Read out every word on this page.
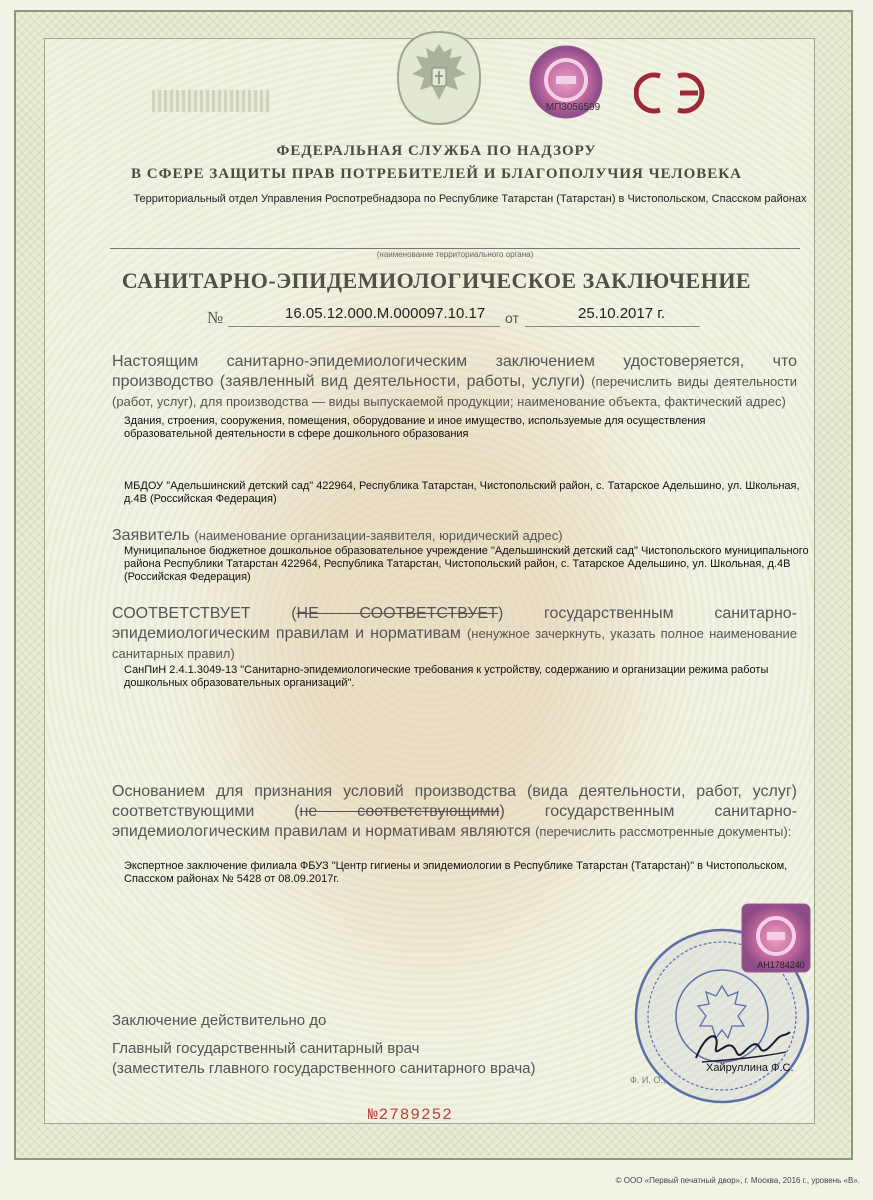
МП3056599
ФЕДЕРАЛЬНАЯ СЛУЖБА ПО НАДЗОРУ
В СФЕРЕ ЗАЩИТЫ ПРАВ ПОТРЕБИТЕЛЕЙ И БЛАГОПОЛУЧИЯ ЧЕЛОВЕКА
Территориальный отдел Управления Роспотребнадзора по Республике Татарстан (Татарстан) в Чистопольском, Спасском районах
(наименование территориального органа)
САНИТАРНО-ЭПИДЕМИОЛОГИЧЕСКОЕ ЗАКЛЮЧЕНИЕ
№	16.05.12.000.М.000097.10.17 от	25.10.2017 г.
Настоящим санитарно-эпидемиологическим заключением удостоверяется, что производство (заявленный вид деятельности, работы, услуги) (перечислить виды деятельности (работ, услуг), для производства — виды выпускаемой продукции; наименование объекта, фактический адрес)
Здания, строения, сооружения, помещения, оборудование и иное имущество, используемые для осуществления образовательной деятельности в сфере дошкольного образования
МБДОУ "Адельшинский детский сад" 422964, Республика Татарстан, Чистопольский район, с. Татарское Адельшино, ул. Школьная, д.4В (Российская Федерация)
Заявитель (наименование организации-заявителя, юридический адрес)
Муниципальное бюджетное дошкольное образовательное учреждение "Адельшинский детский сад" Чистопольского муниципального района Республики Татарстан 422964, Республика Татарстан, Чистопольский район, с. Татарское Адельшино, ул. Школьная, д.4В (Российская Федерация)
СООТВЕТСТВУЕТ (НЕ СООТВЕТСТВУЕТ) государственным санитарно-эпидемиологическим правилам и нормативам (ненужное зачеркнуть, указать полное наименование санитарных правил)
СанПиН 2.4.1.3049-13 "Санитарно-эпидемиологические требования к устройству, содержанию и организации режима работы дошкольных образовательных организаций".
Основанием для признания условий производства (вида деятельности, работ, услуг) соответствующими (не соответствующими) государственным санитарно-эпидемиологическим правилам и нормативам являются (перечислить рассмотренные документы):
Экспертное заключение филиала ФБУЗ "Центр гигиены и эпидемиологии в Республике Татарстан (Татарстан)" в Чистопольском, Спасском районах № 5428 от 08.09.2017г.
Заключение действительно до
Главный государственный санитарный врач
(заместитель главного государственного санитарного врача)
АН1784240
Хайруллина Ф.С.
Ф. И. О.,
№2789252
© ООО «Первый печатный двор», г. Москва, 2016 г., уровень «В».
